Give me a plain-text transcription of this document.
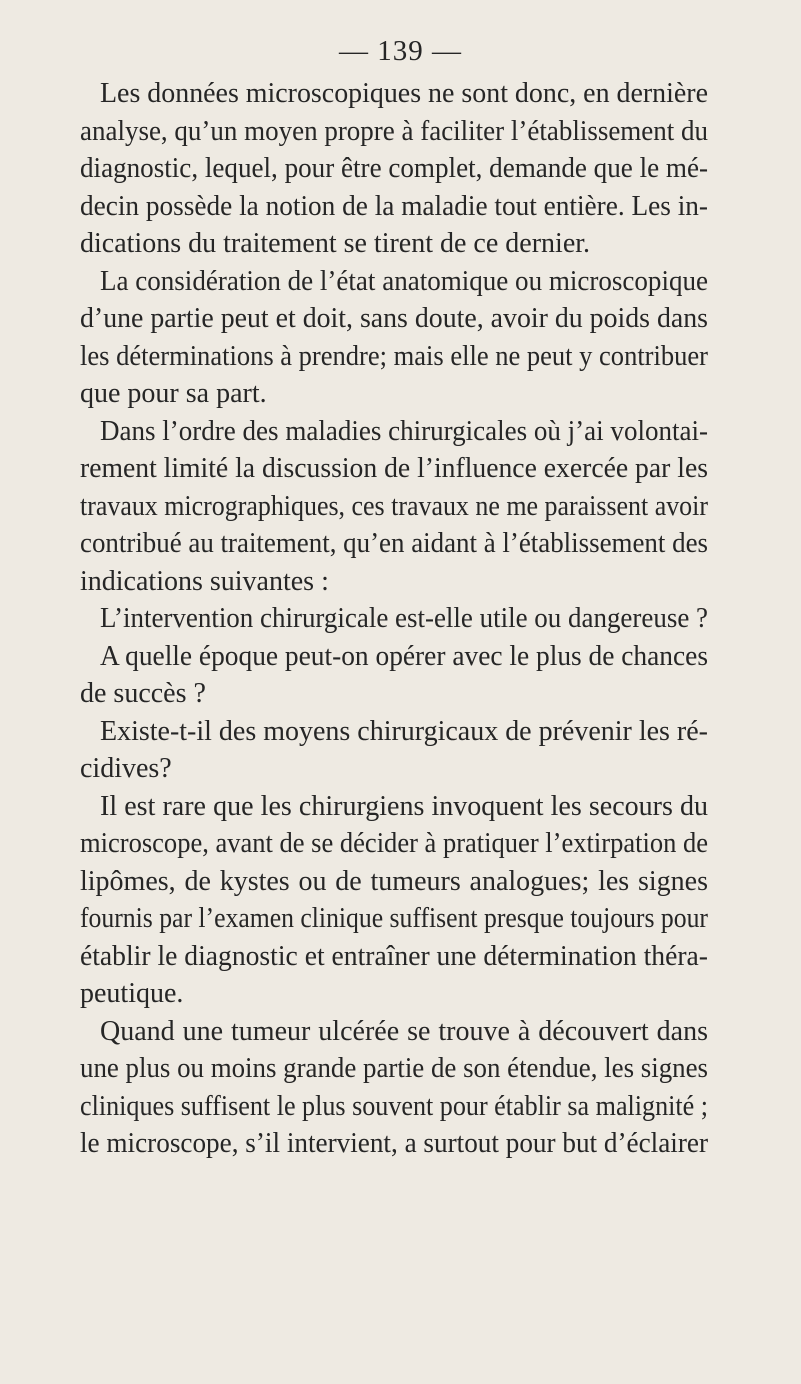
— 139 —
Les données microscopiques ne sont donc, en dernière
analyse, qu’un moyen propre à faciliter l’établissement du
diagnostic, lequel, pour être complet, demande que le mé-
decin possède la notion de la maladie tout entière. Les in-
dications du traitement se tirent de ce dernier.
La considération de l’état anatomique ou microscopique
d’une partie peut et doit, sans doute, avoir du poids dans
les déterminations à prendre; mais elle ne peut y contribuer
que pour sa part.
Dans l’ordre des maladies chirurgicales où j’ai volontai-
rement limité la discussion de l’influence exercée par les
travaux micrographiques, ces travaux ne me paraissent avoir
contribué au traitement, qu’en aidant à l’établissement des
indications suivantes :
L’intervention chirurgicale est-elle utile ou dangereuse ?
A quelle époque peut-on opérer avec le plus de chances
de succès ?
Existe-t-il des moyens chirurgicaux de prévenir les ré-
cidives?
Il est rare que les chirurgiens invoquent les secours du
microscope, avant de se décider à pratiquer l’extirpation de
lipômes, de kystes ou de tumeurs analogues; les signes
fournis par l’examen clinique suffisent presque toujours pour
établir le diagnostic et entraîner une détermination théra-
peutique.
Quand une tumeur ulcérée se trouve à découvert dans
une plus ou moins grande partie de son étendue, les signes
cliniques suffisent le plus souvent pour établir sa malignité ;
le microscope, s’il intervient, a surtout pour but d’éclairer
